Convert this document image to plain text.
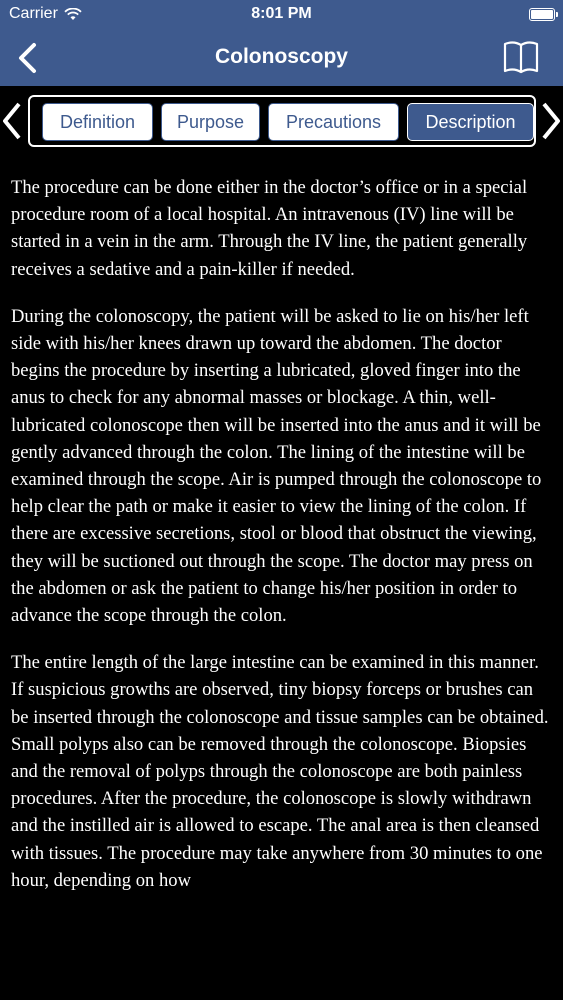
Carrier	8:01 PM
Colonoscopy
Definition	Purpose	Precautions	Description

The procedure can be done either in the doctor’s office or in a special procedure room of a local hospital. An intravenous (IV) line will be started in a vein in the arm. Through the IV line, the patient generally receives a sedative and a pain-killer if needed.

During the colonoscopy, the patient will be asked to lie on his/her left side with his/her knees drawn up toward the abdomen. The doctor begins the procedure by inserting a lubricated, gloved finger into the anus to check for any abnormal masses or blockage. A thin, well-lubricated colonoscope then will be inserted into the anus and it will be gently advanced through the colon. The lining of the intestine will be examined through the scope. Air is pumped through the colonoscope to help clear the path or make it easier to view the lining of the colon. If there are excessive secretions, stool or blood that obstruct the viewing, they will be suctioned out through the scope. The doctor may press on the abdomen or ask the patient to change his/her position in order to advance the scope through the colon.

The entire length of the large intestine can be examined in this manner. If suspicious growths are observed, tiny biopsy forceps or brushes can be inserted through the colonoscope and tissue samples can be obtained. Small polyps also can be removed through the colonoscope. Biopsies and the removal of polyps through the colonoscope are both painless procedures. After the procedure, the colonoscope is slowly withdrawn and the instilled air is allowed to escape. The anal area is then cleansed with tissues. The procedure may take anywhere from 30 minutes to one hour, depending on how
